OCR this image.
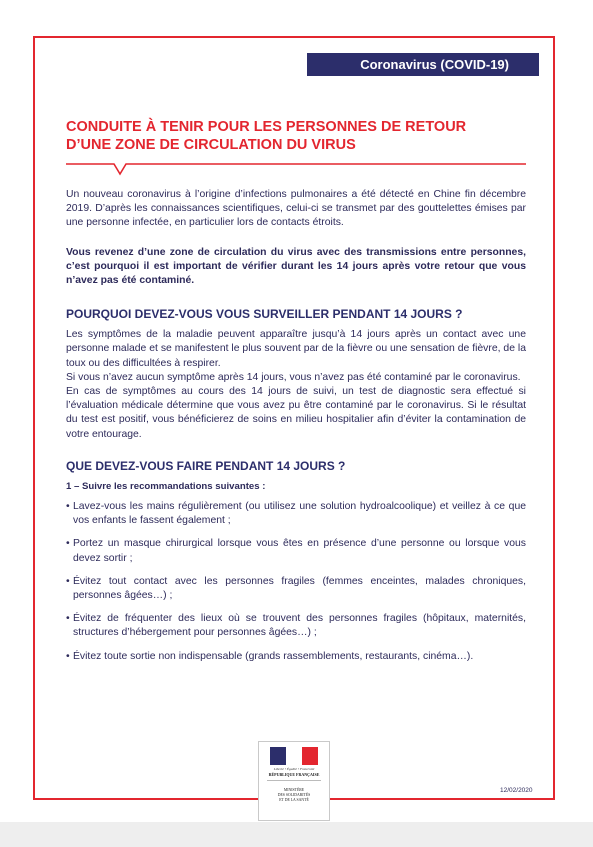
Coronavirus (COVID-19)
CONDUITE À TENIR POUR LES PERSONNES DE RETOUR
D’UNE ZONE DE CIRCULATION DU VIRUS

Un nouveau coronavirus à l’origine d’infections pulmonaires a été détecté en Chine fin décembre 2019. D’après les connaissances scientifiques, celui-ci se transmet par des gouttelettes émises par une personne infectée, en particulier lors de contacts étroits.

Vous revenez d’une zone de circulation du virus avec des transmissions entre personnes, c’est pourquoi il est important de vérifier durant les 14 jours après votre retour que vous n’avez pas été contaminé.

POURQUOI DEVEZ-VOUS VOUS SURVEILLER PENDANT 14 JOURS ?

Les symptômes de la maladie peuvent apparaître jusqu’à 14 jours après un contact avec une personne malade et se manifestent le plus souvent par de la fièvre ou une sensation de fièvre, de la toux ou des difficultées à respirer.

Si vous n’avez aucun symptôme après 14 jours, vous n’avez pas été contaminé par le coronavirus.

En cas de symptômes au cours des 14 jours de suivi, un test de diagnostic sera effectué si l’évaluation médicale détermine que vous avez pu être contaminé par le coronavirus. Si le résultat du test est positif, vous bénéficierez de soins en milieu hospitalier afin d’éviter la contamination de votre entourage.

QUE DEVEZ-VOUS FAIRE PENDANT 14 JOURS ?
1 – Suivre les recommandations suivantes :
• Lavez-vous les mains régulièrement (ou utilisez une solution hydroalcoolique) et veillez à ce que vos enfants le fassent également ;
• Portez un masque chirurgical lorsque vous êtes en présence d’une personne ou lorsque vous devez sortir ;
• Évitez tout contact avec les personnes fragiles (femmes enceintes, malades chroniques, personnes âgées…) ;
• Évitez de fréquenter des lieux où se trouvent des personnes fragiles (hôpitaux, maternités, structures d’hébergement pour personnes âgées…) ;
• Évitez toute sortie non indispensable (grands rassemblements, restaurants, cinéma…).
Liberté • Égalité • Fraternité
RÉPUBLIQUE FRANÇAISE
MINISTÈRE
DES SOLIDARITÉS
ET DE LA SANTÉ
12/02/2020
